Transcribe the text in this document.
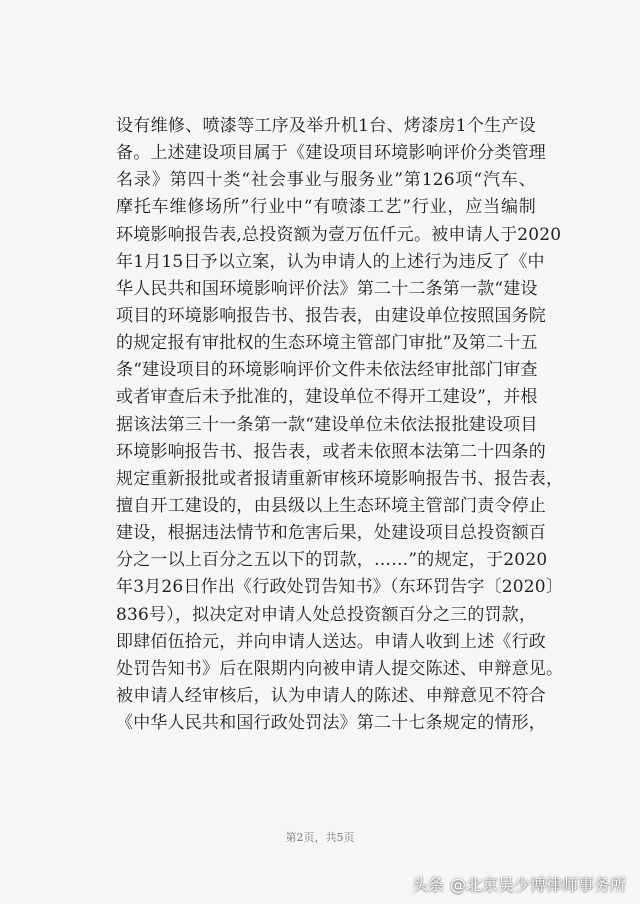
设有维修、喷漆等工序及举升机1台、烤漆房1个生产设
备。上述建设项目属于《建设项目环境影响评价分类管理
名录》第四十类“社会事业与服务业”第126项“汽车、
摩托车维修场所”行业中“有喷漆工艺”行业，应当编制
环境影响报告表,总投资额为壹万伍仟元。被申请人于2020
年1月15日予以立案，认为申请人的上述行为违反了《中
华人民共和国环境影响评价法》第二十二条第一款“建设
项目的环境影响报告书、报告表，由建设单位按照国务院
的规定报有审批权的生态环境主管部门审批”及第二十五
条“建设项目的环境影响评价文件未依法经审批部门审查
或者审查后未予批准的，建设单位不得开工建设”，并根
据该法第三十一条第一款“建设单位未依法报批建设项目
环境影响报告书、报告表，或者未依照本法第二十四条的
规定重新报批或者报请重新审核环境影响报告书、报告表，
擅自开工建设的，由县级以上生态环境主管部门责令停止
建设，根据违法情节和危害后果，处建设项目总投资额百
分之一以上百分之五以下的罚款，……”的规定，于2020
年3月26日作出《行政处罚告知书》（东环罚告字〔2020〕
836号），拟决定对申请人处总投资额百分之三的罚款，
即肆佰伍拾元，并向申请人送达。申请人收到上述《行政
处罚告知书》后在限期内向被申请人提交陈述、申辩意见。
被申请人经审核后，认为申请人的陈述、申辩意见不符合
《中华人民共和国行政处罚法》第二十七条规定的情形，
第2页，共5页
头条 @北京吴少博律师事务所
